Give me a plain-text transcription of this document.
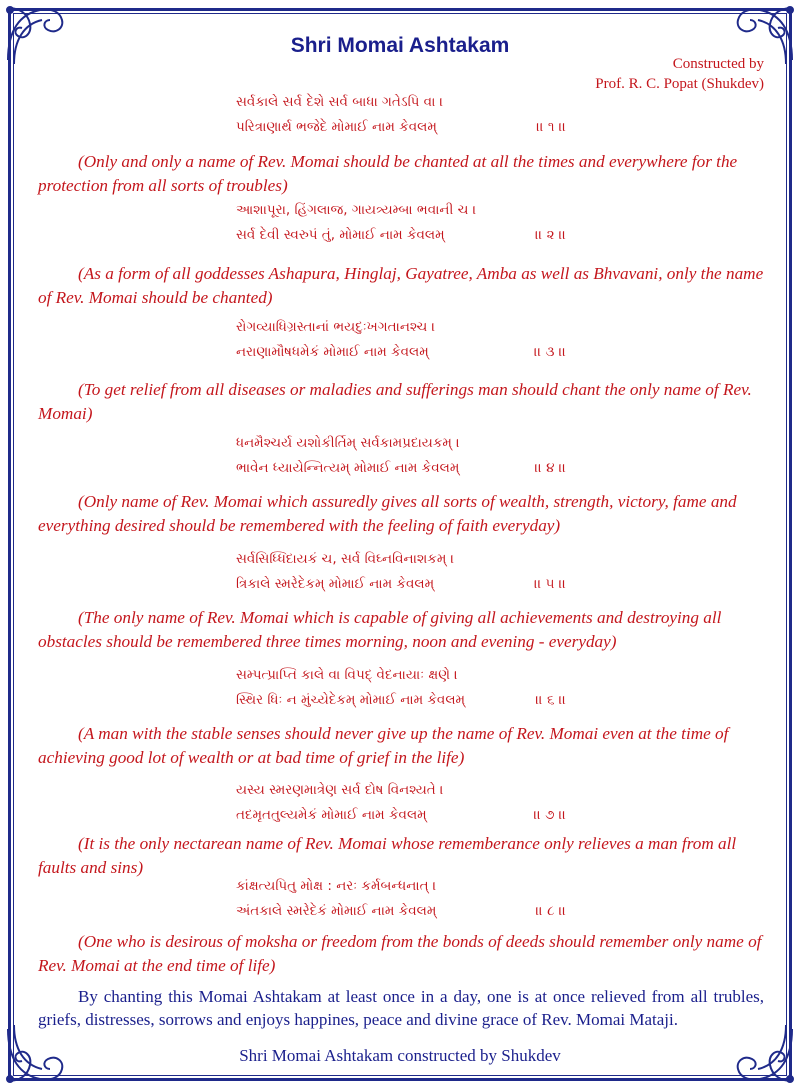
Shri Momai Ashtakam
Constructed by
Prof. R. C. Popat (Shukdev)
સર્વકાલે સર્વ દેશે સર્વ બાધા ગતેઽપિ વા ।
પરિત્રાણાર્થ ભજેદે મોમાઈ નામ કેવલમ્	।। ૧ ।।
(Only and only a name of Rev. Momai should be chanted at all the times and everywhere for the protection from all sorts of troubles)
આશાપૂરા, હિંગલાજ, ગાયત્ર્યમ્બા ભવાની ચ ।
સર્વ દેવી સ્વરુપં તું, મોમાઈ નામ કેવલમ્	।। ૨ ।।
(As a form of all goddesses Ashapura, Hinglaj, Gayatree, Amba as well as Bhvavani, only the name of Rev. Momai should be chanted)
રોગવ્યાધિગ્રસ્તાનાં ભયદુઃખગતાનશ્ચ ।
નરાણામૌષધમેકં મોમાઈ નામ કેવલમ્	।। ૩ ।।
(To get relief from all diseases or maladies and sufferings man should chant the only name of Rev. Momai)
ધનમૈશ્ચર્ય યશોકીર્તિમ્ સર્વકામપ્રદાયકમ્ ।
ભાવેન ધ્યાયેન્નિત્યમ્ મોમાઈ નામ કેવલમ્	।। ૪ ।।
(Only name of Rev. Momai which assuredly gives all sorts of wealth, strength, victory, fame and everything desired should be remembered with the feeling of faith everyday)
સર્વસિધ્ધિદાયકં ચ, સર્વ વિઘ્નવિનાશકમ્ ।
ત્રિકાલે સ્મરેદેકમ્ મોમાઈ નામ કેવલમ્	।। ૫ ।।
(The only name of Rev. Momai which is capable of giving all achievements and destroying all obstacles should be remembered three times morning, noon and evening - everyday)
સમ્પત્પ્રાપ્તિ કાલે વા વિપદ્ વેદનાયાઃ ક્ષણે ।
સ્થિર ધિઃ ન મુંચ્યેદેકમ્ મોમાઈ નામ કેવલમ્	।। ૬ ।।
(A man with the stable senses should never give up the name of Rev. Momai even at the time of achieving good lot of wealth or at bad time of grief in the life)
યસ્ય સ્મરણમાત્રેણ સર્વ દોષ વિનશ્યતે ।
તદમૃતતુલ્યમેકં મોમાઈ નામ કેવલમ્	।। ૭ ।।
(It is the only nectarean name of Rev. Momai whose rememberance only relieves a man from all faults and sins)
કાંક્ષત્યપિતુ મોક્ષ : નરઃ કર્મબન્ધનાત્ ।
અંતકાલે સ્મરેદેકં મોમાઈ નામ કેવલમ્	।। ૮ ।।
(One who is desirous of moksha or freedom from the bonds of deeds should remember only name of Rev. Momai at the end time of life)
By chanting this Momai Ashtakam at least once in a day, one is at once relieved from all trubles, griefs, distresses, sorrows and enjoys happines, peace and divine grace of Rev. Momai Mataji.
Shri Momai Ashtakam constructed by Shukdev
